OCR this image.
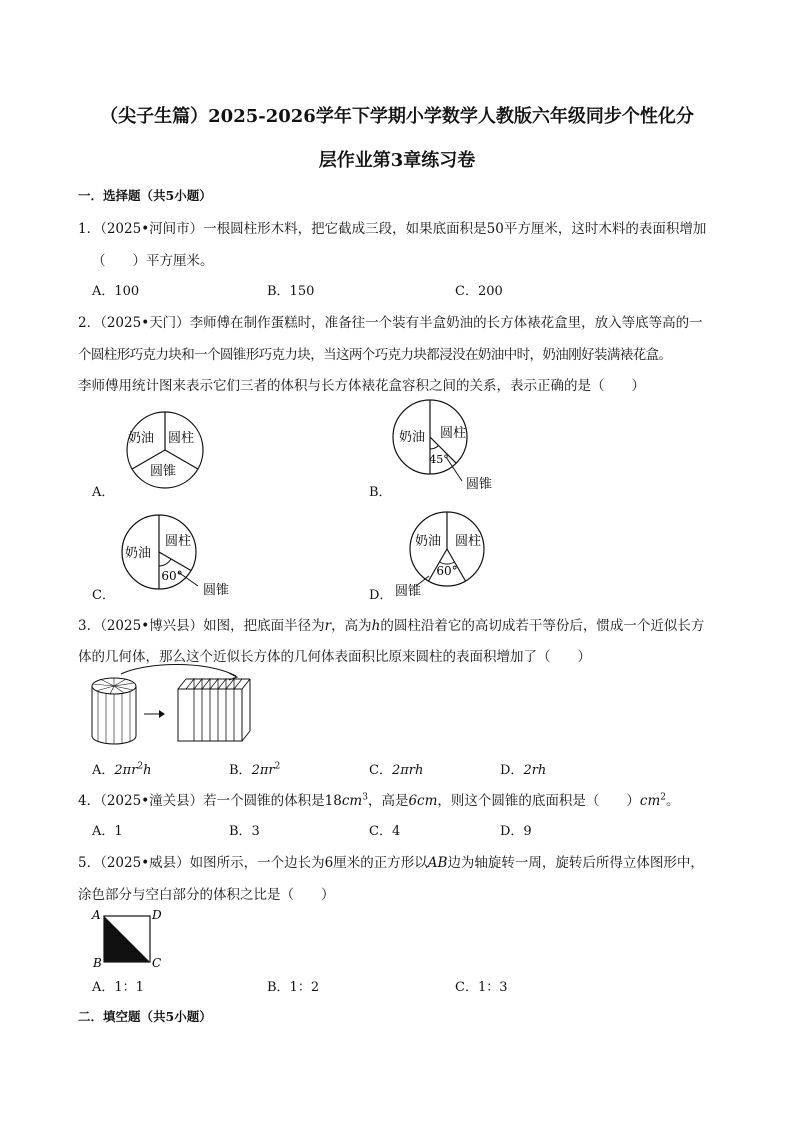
（尖子生篇）2025-2026学年下学期小学数学人教版六年级同步个性化分
层作业第3章练习卷
一．选择题（共5小题）
1．（2025•河间市）一根圆柱形木料，把它截成三段，如果底面积是50平方厘米，这时木料的表面积增加
（　　）平方厘米。
A．100	B．150	C．200
2．（2025•天门）李师傅在制作蛋糕时，准备往一个装有半盒奶油的长方体裱花盒里，放入等底等高的一
个圆柱形巧克力块和一个圆锥形巧克力块，当这两个巧克力块都浸没在奶油中时，奶油刚好装满裱花盒。
李师傅用统计图来表示它们三者的体积与长方体裱花盒容积之间的关系，表示正确的是（　　）
A．	B．
C．	D．
奶油 圆柱
圆锥
奶油 圆柱
45°
圆锥
奶油
圆柱
60°
圆锥
奶油 圆柱
60°
圆锥
3．（2025•博兴县）如图，把底面半径为r，高为h的圆柱沿着它的高切成若干等份后，惯成一个近似长方
体的几何体，那么这个近似长方体的几何体表面积比原来圆柱的表面积增加了（　　）
A．$2\pi r^2h$	B．$2\pi r^2$	C．2πrh	D．2rh
4．（2025•潼关县）若一个圆锥的体积是$18cm^3$，高是6cm，则这个圆锥的底面积是（　　）$cm^2$。
A．1	B．3	C．4	D．9
5．（2025•威县）如图所示，一个边长为6厘米的正方形以AB边为轴旋转一周，旋转后所得立体图形中，
涂色部分与空白部分的体积之比是（　　）
A	D
B	C
A．1：1	B．1：2	C．1：3
二．填空题（共5小题）
